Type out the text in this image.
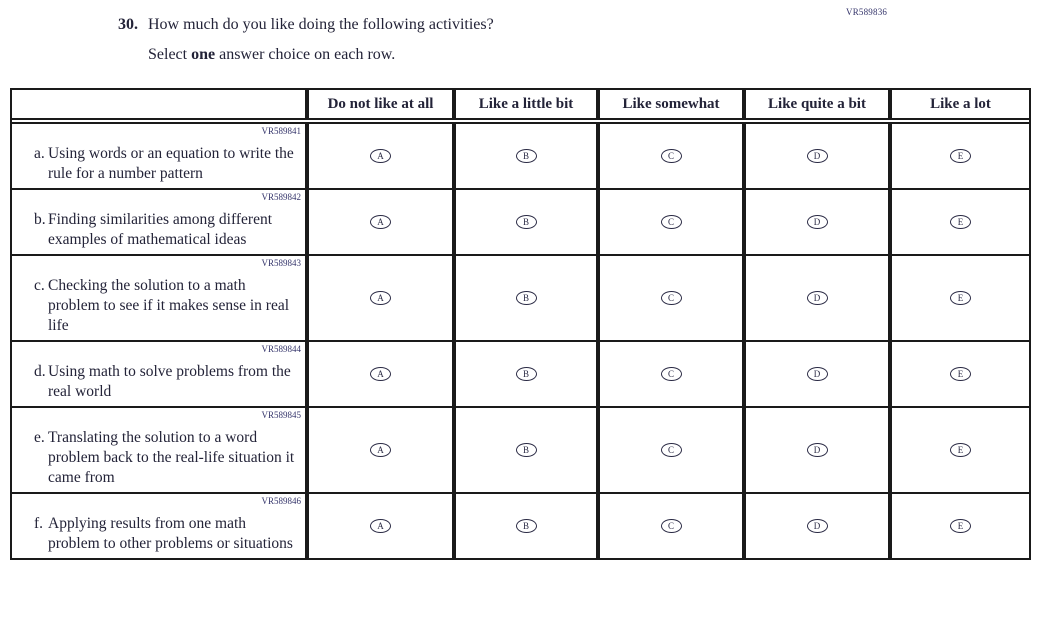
VR589836
30. How much do you like doing the following activities?
Select one answer choice on each row.
Do not like at all	Like a little bit	Like somewhat	Like quite a bit	Like a lot
VR589841
a. Using words or an equation to write the rule for a number pattern
A	B	C	D	E
VR589842
b. Finding similarities among different examples of mathematical ideas
A	B	C	D	E
VR589843
c. Checking the solution to a math problem to see if it makes sense in real life
A	B	C	D	E
VR589844
d. Using math to solve problems from the real world
A	B	C	D	E
VR589845
e. Translating the solution to a word problem back to the real-life situation it came from
A	B	C	D	E
VR589846
f. Applying results from one math problem to other problems or situations
A	B	C	D	E
